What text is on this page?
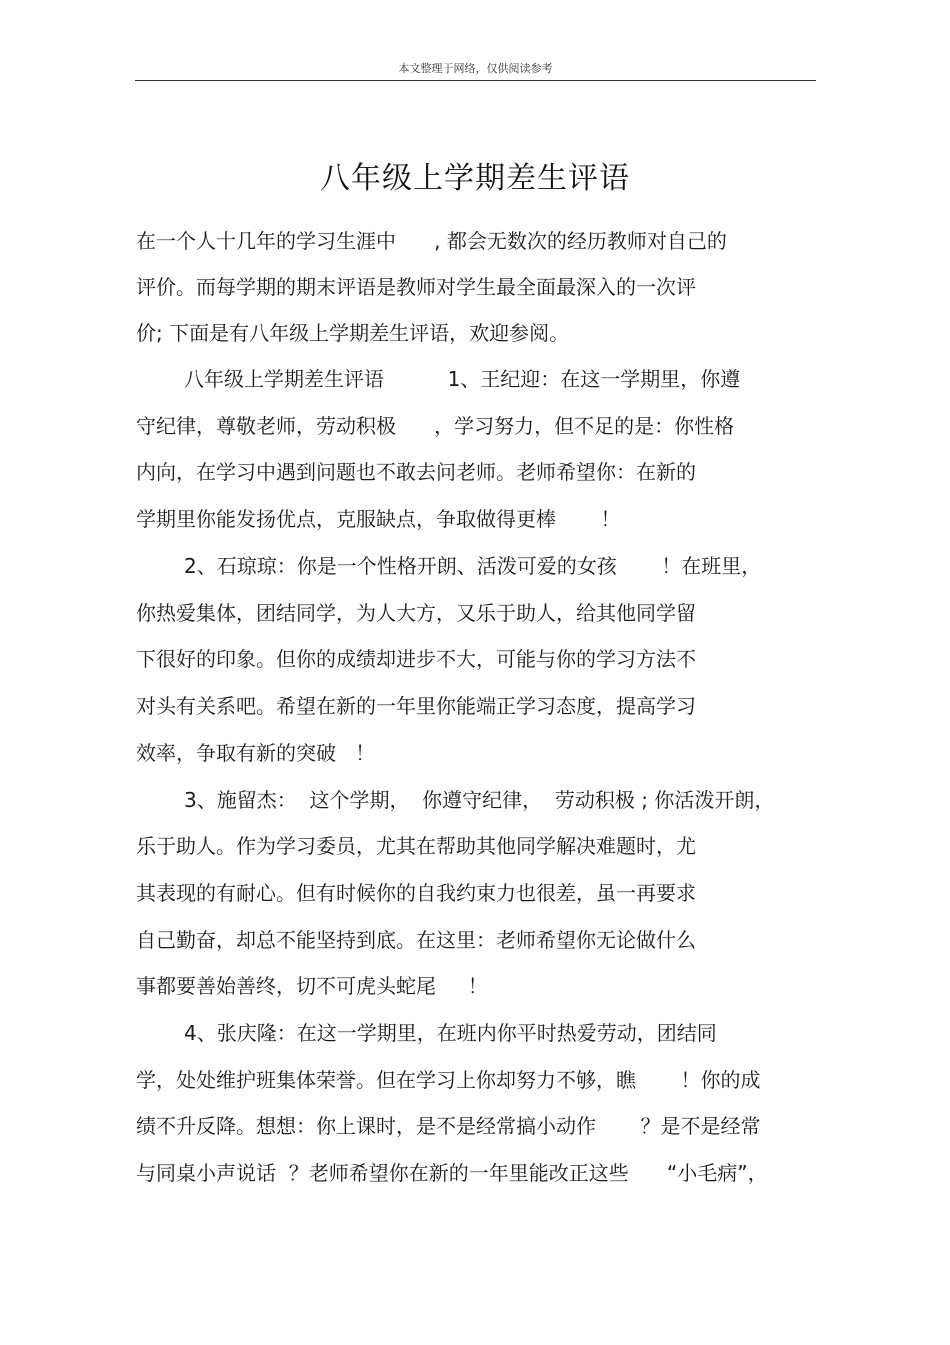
本文整理于网络，仅供阅读参考
八年级上学期差生评语
在一个人十几年的学习生涯中      , 都会无数次的经历教师对自己的
评价。而每学期的期末评语是教师对学生最全面最深入的一次评
价; 下面是有八年级上学期差生评语，欢迎参阅。
八年级上学期差生评语          1、王纪迎：在这一学期里，你遵
守纪律，尊敬老师，劳动积极      ，学习努力，但不足的是：你性格
内向，在学习中遇到问题也不敢去问老师。老师希望你：在新的
学期里你能发扬优点，克服缺点，争取做得更棒       ！
2、石琼琼：你是一个性格开朗、活泼可爱的女孩       ！在班里，
你热爱集体，团结同学，为人大方，又乐于助人，给其他同学留
下很好的印象。但你的成绩却进步不大，可能与你的学习方法不
对头有关系吧。希望在新的一年里你能端正学习态度，提高学习
效率，争取有新的突破   ！
3、施留杰：  这个学期，  你遵守纪律，  劳动积极 ; 你活泼开朗，
乐于助人。作为学习委员，尤其在帮助其他同学解决难题时，尤
其表现的有耐心。但有时候你的自我约束力也很差，虽一再要求
自己勤奋，却总不能坚持到底。在这里：老师希望你无论做什么
事都要善始善终，切不可虎头蛇尾     ！
4、张庆隆：在这一学期里，在班内你平时热爱劳动，团结同
学，处处维护班集体荣誉。但在学习上你却努力不够，瞧       ！你的成
绩不升反降。想想：你上课时，是不是经常搞小动作       ？是不是经常
与同桌小声说话  ？老师希望你在新的一年里能改正这些      “小毛病”，
